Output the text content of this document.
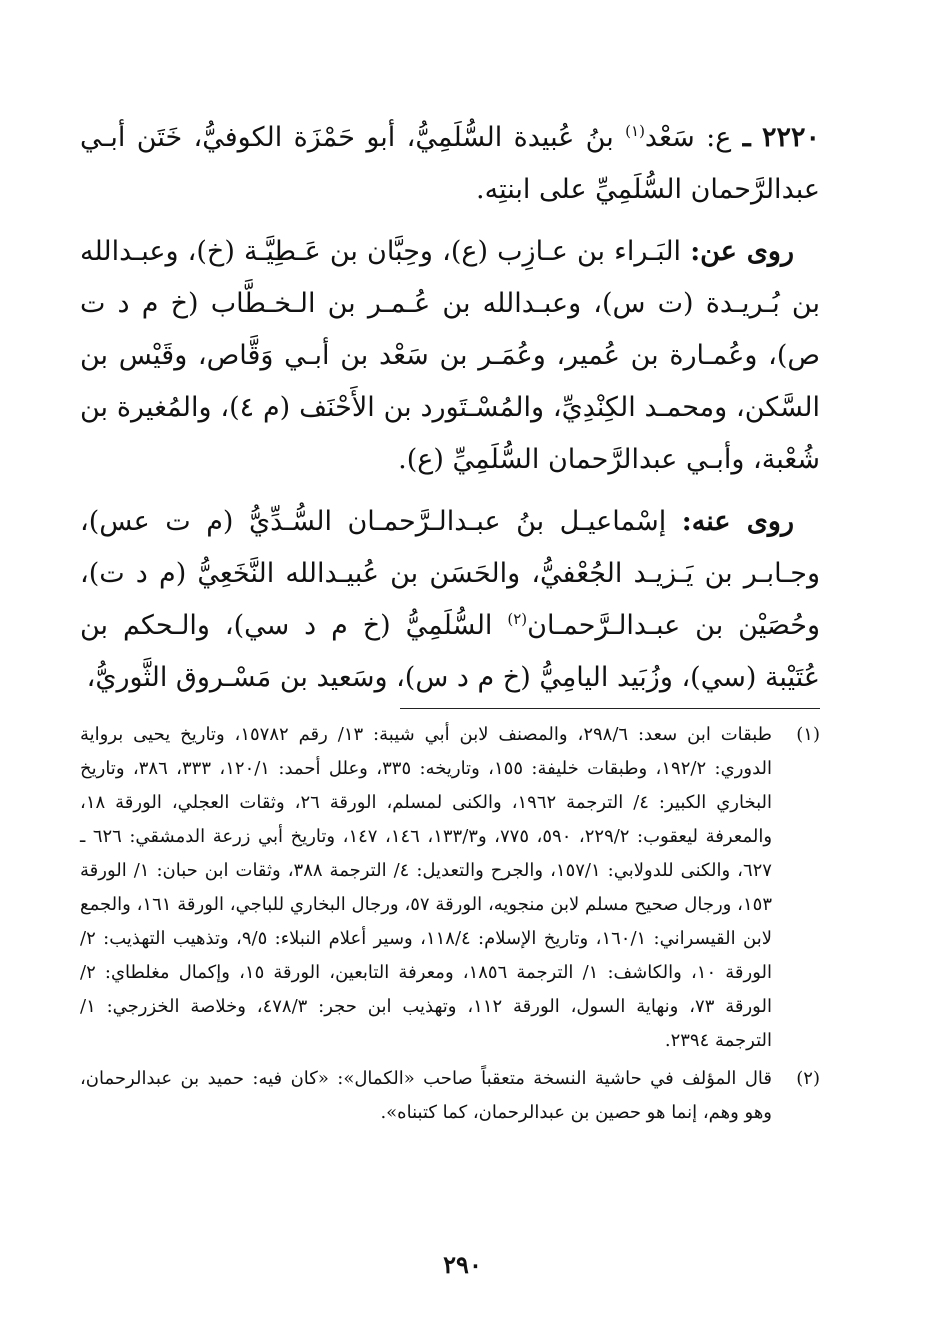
٢٢٢٠ ـ ع: سَعْد$^{(١)}$ بنُ عُبيدة السُّلَمِيُّ، أبو حَمْزَة الكوفيُّ، خَتَن أبـي عبدالرَّحمان السُّلَمِيِّ على ابنتِه.

روى عن: البَـراء بن عـازِب (ع)، وحِبَّان بن عَـطِيَّـة (خ)، وعبـدالله بن بُـريـدة (ت س)، وعبـدالله بن عُـمـر بن الـخـطَّاب (خ م د ت ص)، وعُمـارة بن عُمير، وعُمَـر بن سَعْد بن أبـي وَقَّاص، وقَيْس بن السَّكن، ومحمـد الكِنْدِيِّ، والمُسْـتَورد بن الأَحْنَف (م ٤)، والمُغيرة بن شُعْبة، وأبـي عبدالرَّحمان السُّلَمِيِّ (ع).

روى عنه: إسْماعيـل بنُ عبـدالـرَّحمـان السُّـدِّيُّ (م ت عس)، وجـابـر بن يَـزيـد الجُعْفيُّ، والحَسَن بن عُبيـدالله النَّخَعِيُّ (م د ت)، وحُصَيْن بن عبـدالـرَّحمـان$^{(٢)}$ السُّلَمِيُّ (خ م د سي)، والـحكم بن عُتَيْبة (سي)، وزُبَيد اليامِيُّ (خ م د س)، وسَعيد بن مَسْـروق الثَّوريُّ،

(١)
طبقات ابن سعد: ٢٩٨/٦، والمصنف لابن أبي شيبة: ١٣/ رقم ١٥٧٨٢، وتاريخ يحيى برواية الدوري: ١٩٢/٢، وطبقات خليفة: ١٥٥، وتاريخه: ٣٣٥، وعلل أحمد: ١٢٠/١، ٣٣٣، ٣٨٦، وتاريخ البخاري الكبير: ٤/ الترجمة ١٩٦٢، والكنى لمسلم، الورقة ٢٦، وثقات العجلي، الورقة ١٨، والمعرفة ليعقوب: ٢٢٩/٢، ٥٩٠، ٧٧٥، و١٣٣/٣، ١٤٦، ١٤٧، وتاريخ أبي زرعة الدمشقي: ٦٢٦ ـ ٦٢٧، والكنى للدولابي: ١٥٧/١، والجرح والتعديل: ٤/ الترجمة ٣٨٨، وثقات ابن حبان: ١/ الورقة ١٥٣، ورجال صحيح مسلم لابن منجويه، الورقة ٥٧، ورجال البخاري للباجي، الورقة ١٦١، والجمع لابن القيسراني: ١٦٠/١، وتاريخ الإسلام: ١١٨/٤، وسير أعلام النبلاء: ٩/٥، وتذهيب التهذيب: ٢/ الورقة ١٠، والكاشف: ١/ الترجمة ١٨٥٦، ومعرفة التابعين، الورقة ١٥، وإكمال مغلطاي: ٢/ الورقة ٧٣، ونهاية السول، الورقة ١١٢، وتهذيب ابن حجر: ٤٧٨/٣، وخلاصة الخزرجي: ١/ الترجمة ٢٣٩٤.
(٢)
قال المؤلف في حاشية النسخة متعقباً صاحب «الكمال»: «كان فيه: حميد بن عبدالرحمان، وهو وهم، إنما هو حصين بن عبدالرحمان، كما كتبناه».
٢٩٠
